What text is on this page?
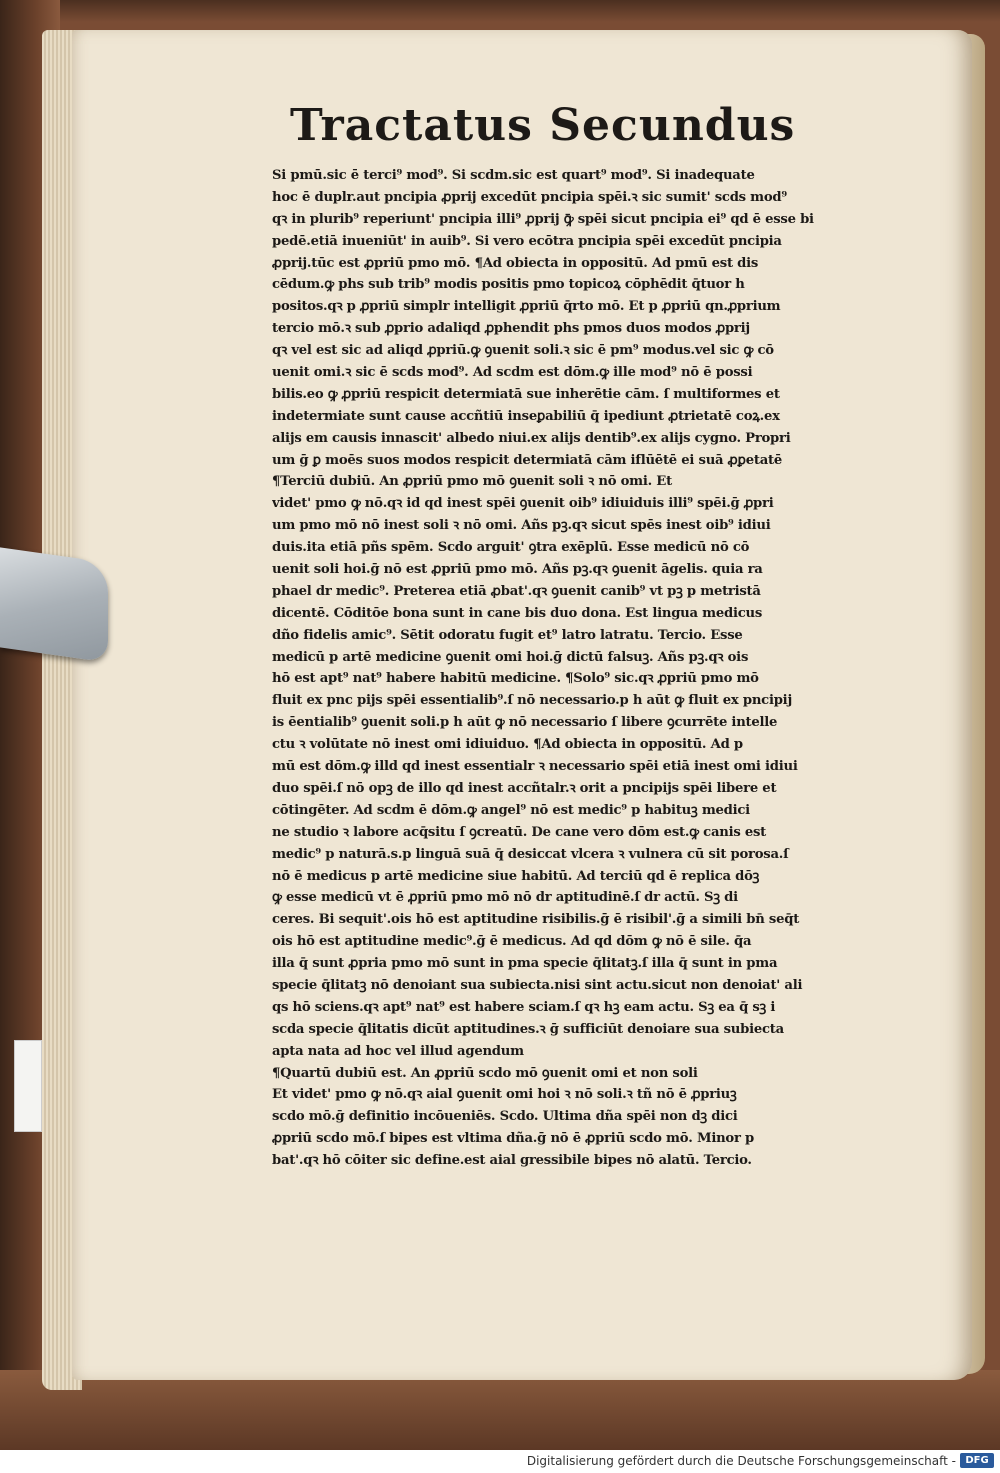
Tractatus Secundus
Si pmū.sic ē terci⁹ mod⁹. Si scdm.sic est quart⁹ mod⁹. Si inadequate
hoc ē duplr.aut pncipia ꝓprij excedūt pncipia spēi.ꝛ sic sumit' scds mod⁹
qꝛ in plurib⁹ reperiunt' pncipia illi⁹ ꝓprij ꝙ̄ spēi sicut pncipia ei⁹ qd ē esse bi
pedē.etiā inueniūt' in auib⁹. Si vero ecōtra pncipia spēi excedūt pncipia
ꝓprij.tūc est ꝓpriū pmo mō. ¶Ad obiecta in oppositū. Ad pmū est dis
cēdum.ꝙ phs sub trib⁹ modis positis pmo topicoꝝ cōphēdit q̄tuor h
positos.qꝛ p ꝓpriū simplr intelligit ꝓpriū q̄rto mō. Et p ꝓpriū qn.ꝓprium
tercio mō.ꝛ sub ꝓprio adaliqd ꝓphendit phs pmos duos modos ꝓprij
qꝛ vel est sic ad aliqd ꝓpriū.ꝙ ꝯuenit soli.ꝛ sic ē pm⁹ modus.vel sic ꝙ cō
uenit omi.ꝛ sic ē scds mod⁹. Ad scdm est dōm.ꝙ ille mod⁹ nō ē possi
bilis.eo ꝙ ꝓpriū respicit determiatā sue inherētie cām. ſ multiformes et
indetermiate sunt cause accñtiū inseꝑabiliū q̄ ipediunt ꝓtrietatē coꝝ.ex
alijs em causis innascit' albedo niui.ex alijs dentib⁹.ex alijs cygno. Propri
um ḡ ꝑ moēs suos modos respicit determiatā cām iflūētē ei suā ꝓꝑetatē
¶Terciū dubiū. An ꝓpriū pmo mō ꝯuenit soli ꝛ nō omi. Et
videt' pmo ꝙ nō.qꝛ id qd inest spēi ꝯuenit oib⁹ idiuiduis illi⁹ spēi.ḡ ꝓpri
um pmo mō nō inest soli ꝛ nō omi. Añs pꝫ.qꝛ sicut spēs inest oib⁹ idiui
duis.ita etiā pñs spēm. Scdo arguit' ꝯtra exēplū. Esse medicū nō cō
uenit soli hoi.ḡ nō est ꝓpriū pmo mō. Añs pꝫ.qꝛ ꝯuenit āgelis. quia ra
phael dr medic⁹. Preterea etiā ꝓbat'.qꝛ ꝯuenit canib⁹ vt pꝫ p metristā
dicentē. Cōditōe bona sunt in cane bis duo dona. Est lingua medicus
dño fidelis amic⁹. Sētit odoratu fugit et⁹ latro latratu. Tercio. Esse
medicū p artē medicine ꝯuenit omi hoi.ḡ dictū falsuꝫ. Añs pꝫ.qꝛ ois
hō est apt⁹ nat⁹ habere habitū medicine. ¶Solo⁹ sic.qꝛ ꝓpriū pmo mō
fluit ex pnc pijs spēi essentialib⁹.ſ nō necessario.p h aūt ꝙ fluit ex pncipij
is ēentialib⁹ ꝯuenit soli.p h aūt ꝙ nō necessario ſ libere ꝯcurrēte intelle
ctu ꝛ volūtate nō inest omi idiuiduo. ¶Ad obiecta in oppositū. Ad p
mū est dōm.ꝙ illd qd inest essentialr ꝛ necessario spēi etiā inest omi idiui
duo spēi.ſ nō opꝫ de illo qd inest accñtalr.ꝛ orit a pncipijs spēi libere et
cōtingēter. Ad scdm ē dōm.ꝙ angel⁹ nō est medic⁹ p habituꝫ medici
ne studio ꝛ labore acq̄situ ſ ꝯcreatū. De cane vero dōm est.ꝙ canis est
medic⁹ p naturā.s.p linguā suā q̄ desiccat vlcera ꝛ vulnera cū sit porosa.ſ
nō ē medicus p artē medicine siue habitū. Ad terciū qd ē replica dōꝫ
ꝙ esse medicū vt ē ꝓpriū pmo mō nō dr aptitudinē.ſ dr actū. Sꝫ di
ceres. Bi sequit'.ois hō est aptitudine risibilis.ḡ ē risibil'.ḡ a simili bn̄ seq̄t
ois hō est aptitudine medic⁹.ḡ ē medicus. Ad qd dōm ꝙ nō ē sile. q̄a
illa q̄ sunt ꝓpria pmo mō sunt in pma specie q̄litatꝫ.ſ illa q̄ sunt in pma
specie q̄litatꝫ nō denoiant sua subiecta.nisi sint actu.sicut non denoiat' ali
qs hō sciens.qꝛ apt⁹ nat⁹ est habere sciam.ſ qꝛ hꝫ eam actu. Sꝫ ea q̄ sꝫ i
scda specie q̄litatis dicūt aptitudines.ꝛ ḡ sufficiūt denoiare sua subiecta
apta nata ad hoc vel illud agendum
¶Quartū dubiū est. An ꝓpriū scdo mō ꝯuenit omi et non soli
Et videt' pmo ꝙ nō.qꝛ aial ꝯuenit omi hoi ꝛ nō soli.ꝛ tñ nō ē ꝓpriuꝫ
scdo mō.ḡ definitio incōueniēs. Scdo. Ultima dña spēi non dꝫ dici
ꝓpriū scdo mō.ſ bipes est vltima dña.ḡ nō ē ꝓpriū scdo mō. Minor p
bat'.qꝛ hō cōiter sic define.est aial gressibile bipes nō alatū. Tercio.
Digitalisierung gefördert durch die Deutsche Forschungsgemeinschaft - DFG
